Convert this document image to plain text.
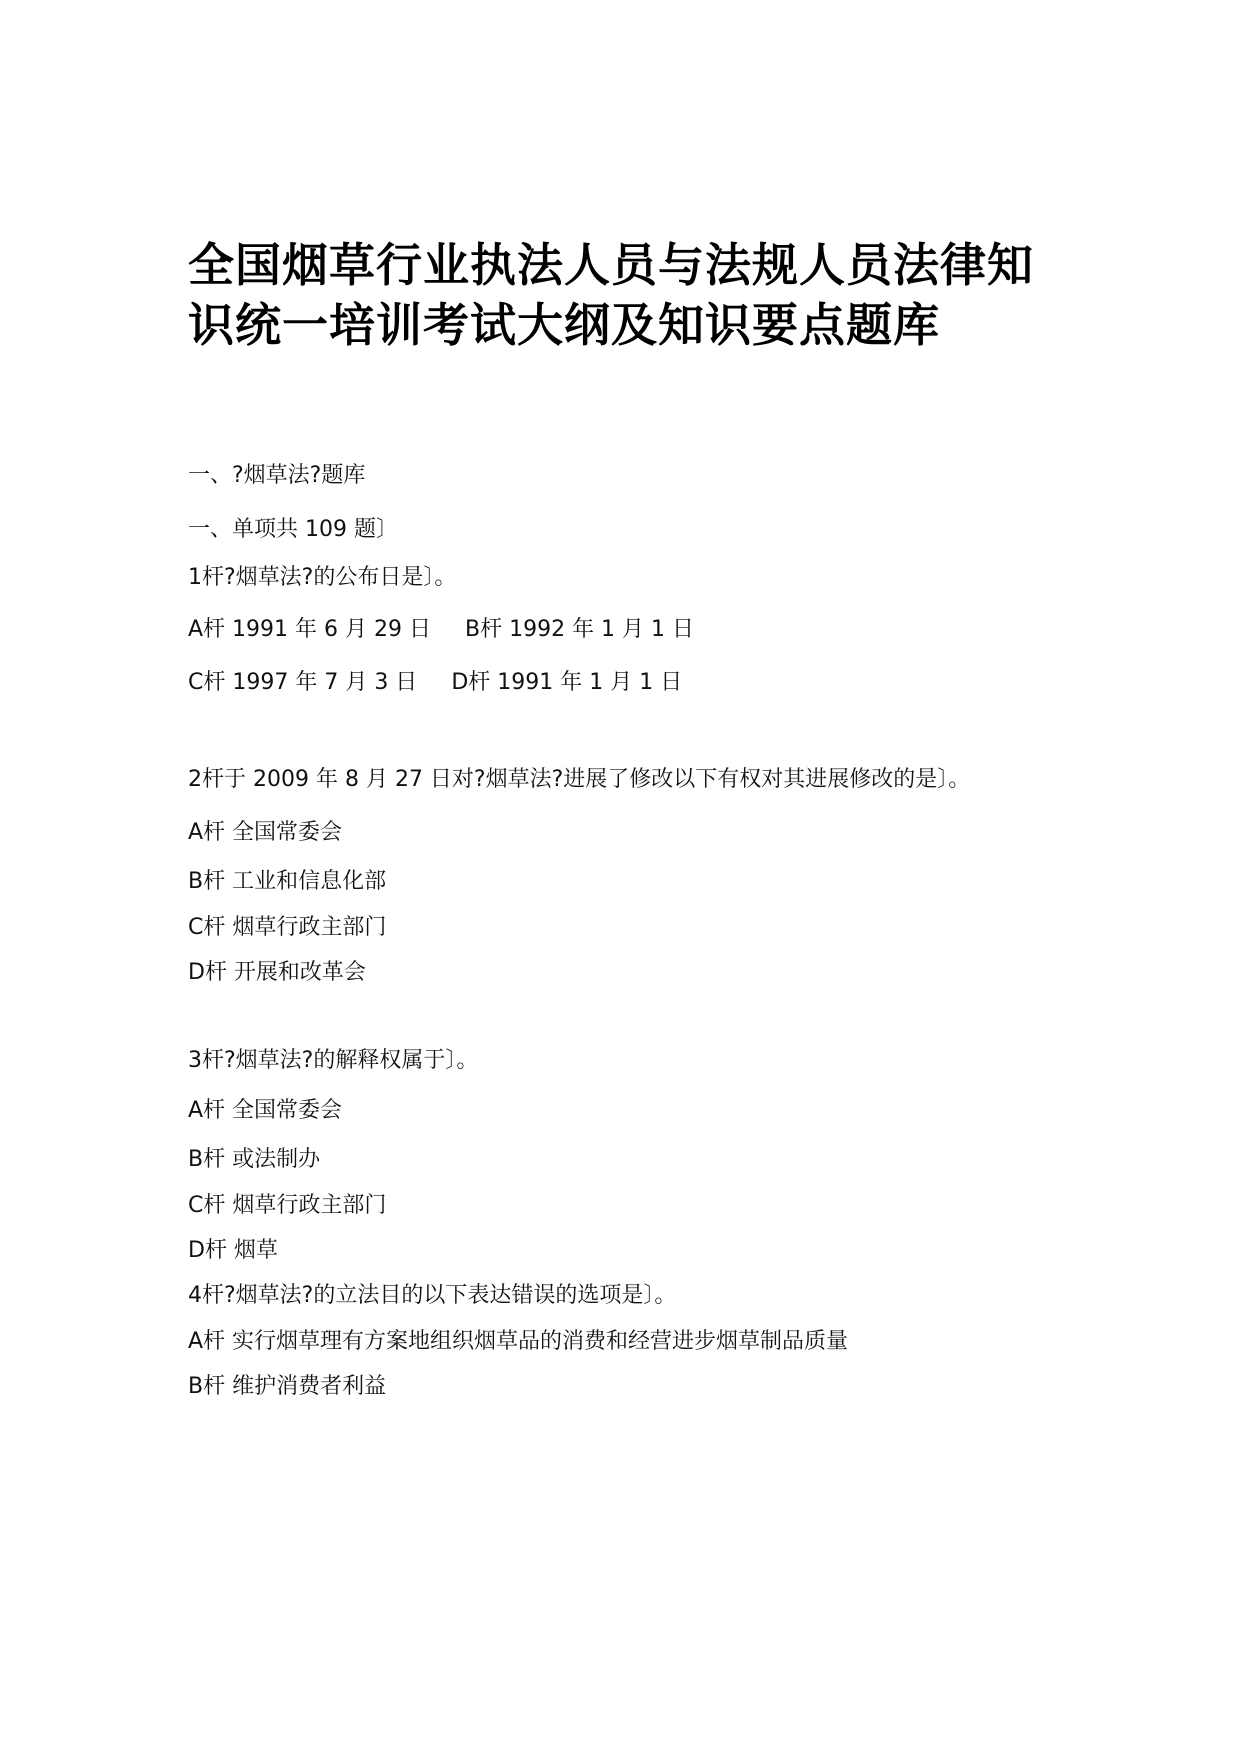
全国烟草行业执法人员与法规人员法律知
识统一培训考试大纲及知识要点题库
一、?烟草法?题库
一、单项共 109 题〕
1杆?烟草法?的公布日是〕。
A杆 1991 年 6 月 29 日 B杆 1992 年 1 月 1 日
C杆 1997 年 7 月 3 日 D杆 1991 年 1 月 1 日
2杆于 2009 年 8 月 27 日对?烟草法?进展了修改以下有权对其进展修改的是〕。
A杆 全国常委会
B杆 工业和信息化部
C杆 烟草行政主部门
D杆 开展和改革会
3杆?烟草法?的解释权属于〕。
A杆 全国常委会
B杆 或法制办
C杆 烟草行政主部门
D杆 烟草
4杆?烟草法?的立法目的以下表达错误的选项是〕。
A杆 实行烟草理有方案地组织烟草品的消费和经营进步烟草制品质量
B杆 维护消费者利益
